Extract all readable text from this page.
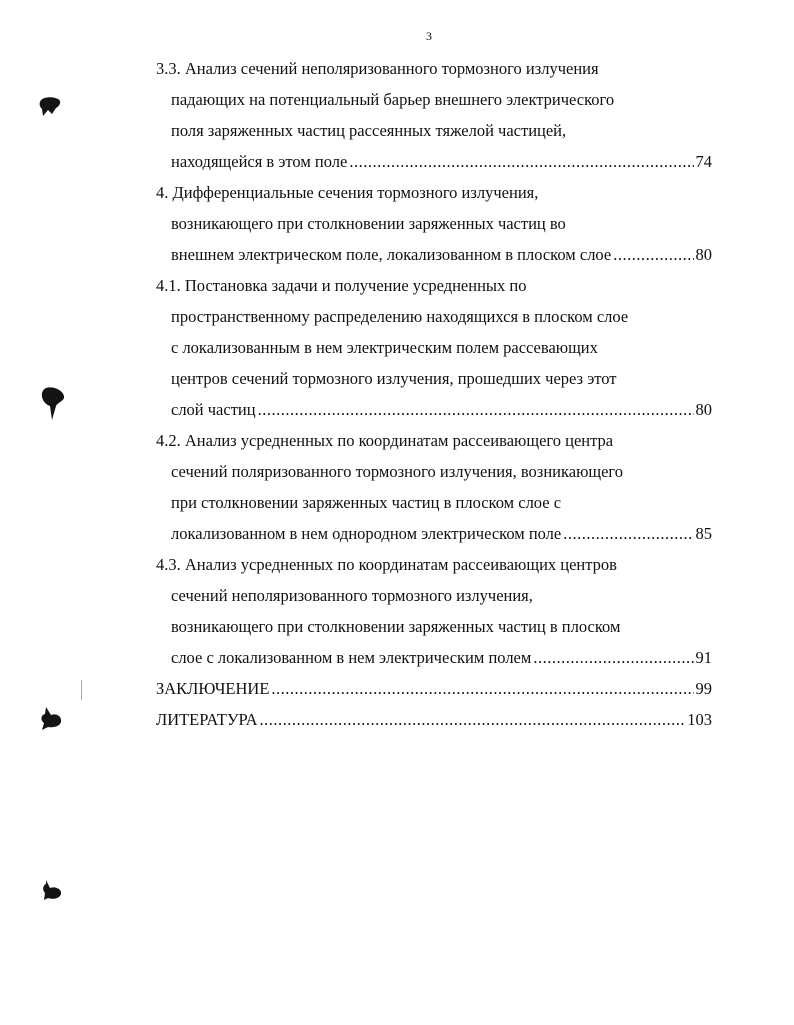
3
3.3. Анализ сечений неполяризованного тормозного излучения
падающих на потенциальный барьер внешнего электрического
поля заряженных частиц рассеянных тяжелой частицей,
находящейся в этом поле .....	74
4. Дифференциальные сечения тормозного излучения,
возникающего при столкновении заряженных частиц во
внешнем электрическом поле, локализованном в плоском слое .....	80
4.1. Постановка задачи и получение усредненных по
пространственному распределению находящихся в плоском слое
с локализованным в нем электрическим полем рассевающих
центров сечений тормозного излучения, прошедших через этот
слой частиц .....	80
4.2. Анализ усредненных по координатам рассеивающего центра
сечений поляризованного тормозного излучения, возникающего
при столкновении заряженных частиц в плоском слое с
локализованном в нем однородном электрическом поле .....	85
4.3. Анализ усредненных по координатам рассеивающих центров
сечений неполяризованного тормозного излучения,
возникающего при столкновении заряженных частиц в плоском
слое с локализованном в нем электрическим полем .....	91
ЗАКЛЮЧЕНИЕ .....	99
ЛИТЕРАТУРА .....	103
